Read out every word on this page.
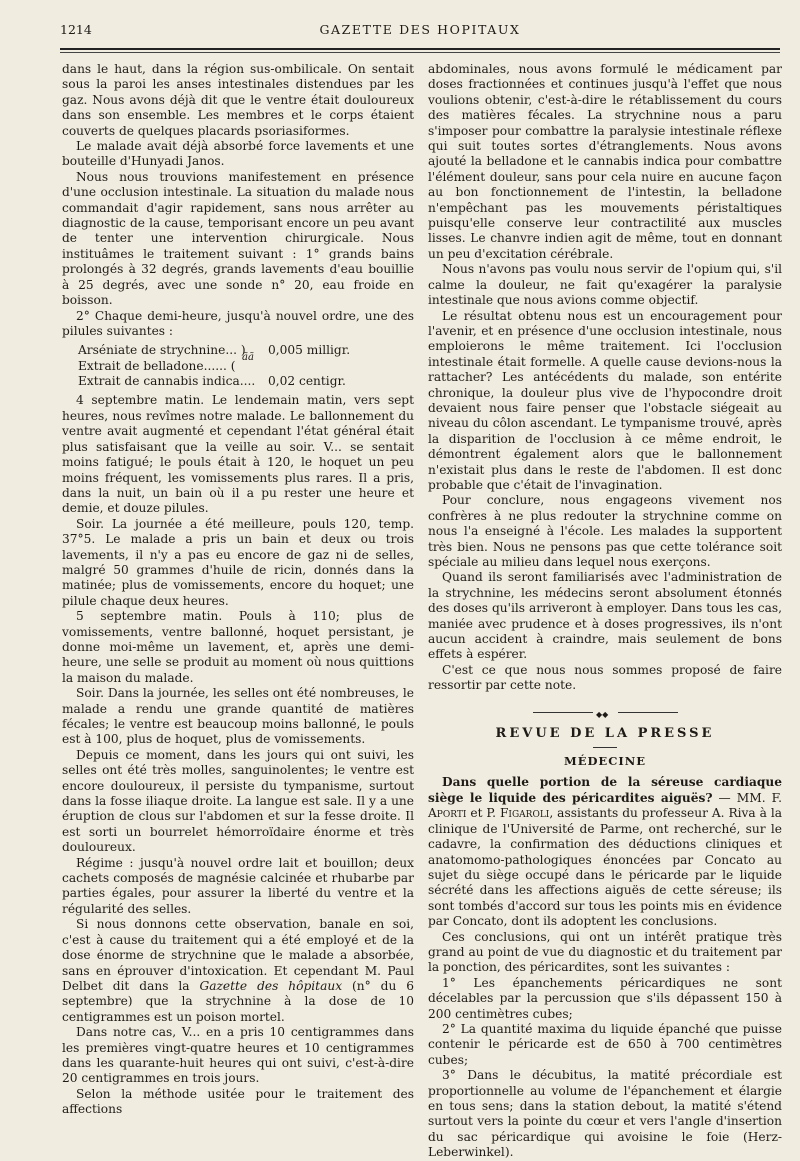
1214	GAZETTE DES HOPITAUX

dans le haut, dans la région sus-ombilicale. On sentait sous la paroi les anses intestinales distendues par les gaz. Nous avons déjà dit que le ventre était douloureux dans son ensemble. Les membres et le corps étaient couverts de quelques placards psoriasiformes.

Le malade avait déjà absorbé force lavements et une bouteille d'Hunyadi Janos.

Nous nous trouvions manifestement en présence d'une occlusion intestinale. La situation du malade nous commandait d'agir rapidement, sans nous arrêter au diagnostic de la cause, temporisant encore un peu avant de tenter une intervention chirurgicale. Nous instituâmes le traitement suivant : 1° grands bains prolongés à 32 degrés, grands lavements d'eau bouillie à 25 degrés, avec une sonde n° 20, eau froide en boisson.

2° Chaque demi-heure, jusqu'à nouvel ordre, une des pilules suivantes :

Arséniate de strychnine... )
ãã
0,005 milligr.
Extrait de belladone...... (
Extrait de cannabis indica.... 0,02 centigr.

4 septembre matin. Le lendemain matin, vers sept heures, nous revîmes notre malade. Le ballonnement du ventre avait augmenté et cependant l'état général était plus satisfaisant que la veille au soir. V... se sentait moins fatigué; le pouls était à 120, le hoquet un peu moins fréquent, les vomissements plus rares. Il a pris, dans la nuit, un bain où il a pu rester une heure et demie, et douze pilules.

Soir. La journée a été meilleure, pouls 120, temp. 37°5. Le malade a pris un bain et deux ou trois lavements, il n'y a pas eu encore de gaz ni de selles, malgré 50 grammes d'huile de ricin, donnés dans la matinée; plus de vomissements, encore du hoquet; une pilule chaque deux heures.

5 septembre matin. Pouls à 110; plus de vomissements, ventre ballonné, hoquet persistant, je donne moi-même un lavement, et, après une demi-heure, une selle se produit au moment où nous quittions la maison du malade.

Soir. Dans la journée, les selles ont été nombreuses, le malade a rendu une grande quantité de matières fécales; le ventre est beaucoup moins ballonné, le pouls est à 100, plus de hoquet, plus de vomissements.

Depuis ce moment, dans les jours qui ont suivi, les selles ont été très molles, sanguinolentes; le ventre est encore douloureux, il persiste du tympanisme, surtout dans la fosse iliaque droite. La langue est sale. Il y a une éruption de clous sur l'abdomen et sur la fesse droite. Il est sorti un bourrelet hémorroïdaire énorme et très douloureux.

Régime : jusqu'à nouvel ordre lait et bouillon; deux cachets composés de magnésie calcinée et rhubarbe par parties égales, pour assurer la liberté du ventre et la régularité des selles.

Si nous donnons cette observation, banale en soi, c'est à cause du traitement qui a été employé et de la dose énorme de strychnine que le malade a absorbée, sans en éprouver d'intoxication. Et cependant M. Paul Delbet dit dans la Gazette des hôpitaux (n° du 6 septembre) que la strychnine à la dose de 10 centigrammes est un poison mortel.

Dans notre cas, V... en a pris 10 centigrammes dans les premières vingt-quatre heures et 10 centigrammes dans les quarante-huit heures qui ont suivi, c'est-à-dire 20 centigrammes en trois jours.

Selon la méthode usitée pour le traitement des affections

abdominales, nous avons formulé le médicament par doses fractionnées et continues jusqu'à l'effet que nous voulions obtenir, c'est-à-dire le rétablissement du cours des matières fécales. La strychnine nous a paru s'imposer pour combattre la paralysie intestinale réflexe qui suit toutes sortes d'étranglements. Nous avons ajouté la belladone et le cannabis indica pour combattre l'élément douleur, sans pour cela nuire en aucune façon au bon fonctionnement de l'intestin, la belladone n'empêchant pas les mouvements péristaltiques puisqu'elle conserve leur contractilité aux muscles lisses. Le chanvre indien agit de même, tout en donnant un peu d'excitation cérébrale.

Nous n'avons pas voulu nous servir de l'opium qui, s'il calme la douleur, ne fait qu'exagérer la paralysie intestinale que nous avions comme objectif.

Le résultat obtenu nous est un encouragement pour l'avenir, et en présence d'une occlusion intestinale, nous emploierons le même traitement. Ici l'occlusion intestinale était formelle. A quelle cause devions-nous la rattacher? Les antécédents du malade, son entérite chronique, la douleur plus vive de l'hypocondre droit devaient nous faire penser que l'obstacle siégeait au niveau du côlon ascendant. Le tympanisme trouvé, après la disparition de l'occlusion à ce même endroit, le démontrent également alors que le ballonnement n'existait plus dans le reste de l'abdomen. Il est donc probable que c'était de l'invagination.

Pour conclure, nous engageons vivement nos confrères à ne plus redouter la strychnine comme on nous l'a enseigné à l'école. Les malades la supportent très bien. Nous ne pensons pas que cette tolérance soit spéciale au milieu dans lequel nous exerçons.

Quand ils seront familiarisés avec l'administration de la strychnine, les médecins seront absolument étonnés des doses qu'ils arriveront à employer. Dans tous les cas, maniée avec prudence et à doses progressives, ils n'ont aucun accident à craindre, mais seulement de bons effets à espérer.

C'est ce que nous nous sommes proposé de faire ressortir par cette note.

◆◆
REVUE DE LA PRESSE
MÉDECINE

Dans quelle portion de la séreuse cardiaque siège le liquide des péricardites aiguës? — MM. F. Aporti et P. Figaroli, assistants du professeur A. Riva à la clinique de l'Université de Parme, ont recherché, sur le cadavre, la confirmation des déductions cliniques et anatomomo-pathologiques énoncées par Concato au sujet du siège occupé dans le péricarde par le liquide sécrété dans les affections aiguës de cette séreuse; ils sont tombés d'accord sur tous les points mis en évidence par Concato, dont ils adoptent les conclusions.

Ces conclusions, qui ont un intérêt pratique très grand au point de vue du diagnostic et du traitement par la ponction, des péricardites, sont les suivantes :

1° Les épanchements péricardiques ne sont décelables par la percussion que s'ils dépassent 150 à 200 centimètres cubes;

2° La quantité maxima du liquide épanché que puisse contenir le péricarde est de 650 à 700 centimètres cubes;

3° Dans le décubitus, la matité précordiale est proportionnelle au volume de l'épanchement et élargie en tous sens; dans la station debout, la matité s'étend surtout vers la pointe du cœur et vers l'angle d'insertion du sac péricardique qui avoisine le foie (Herz-Leberwinkel).
